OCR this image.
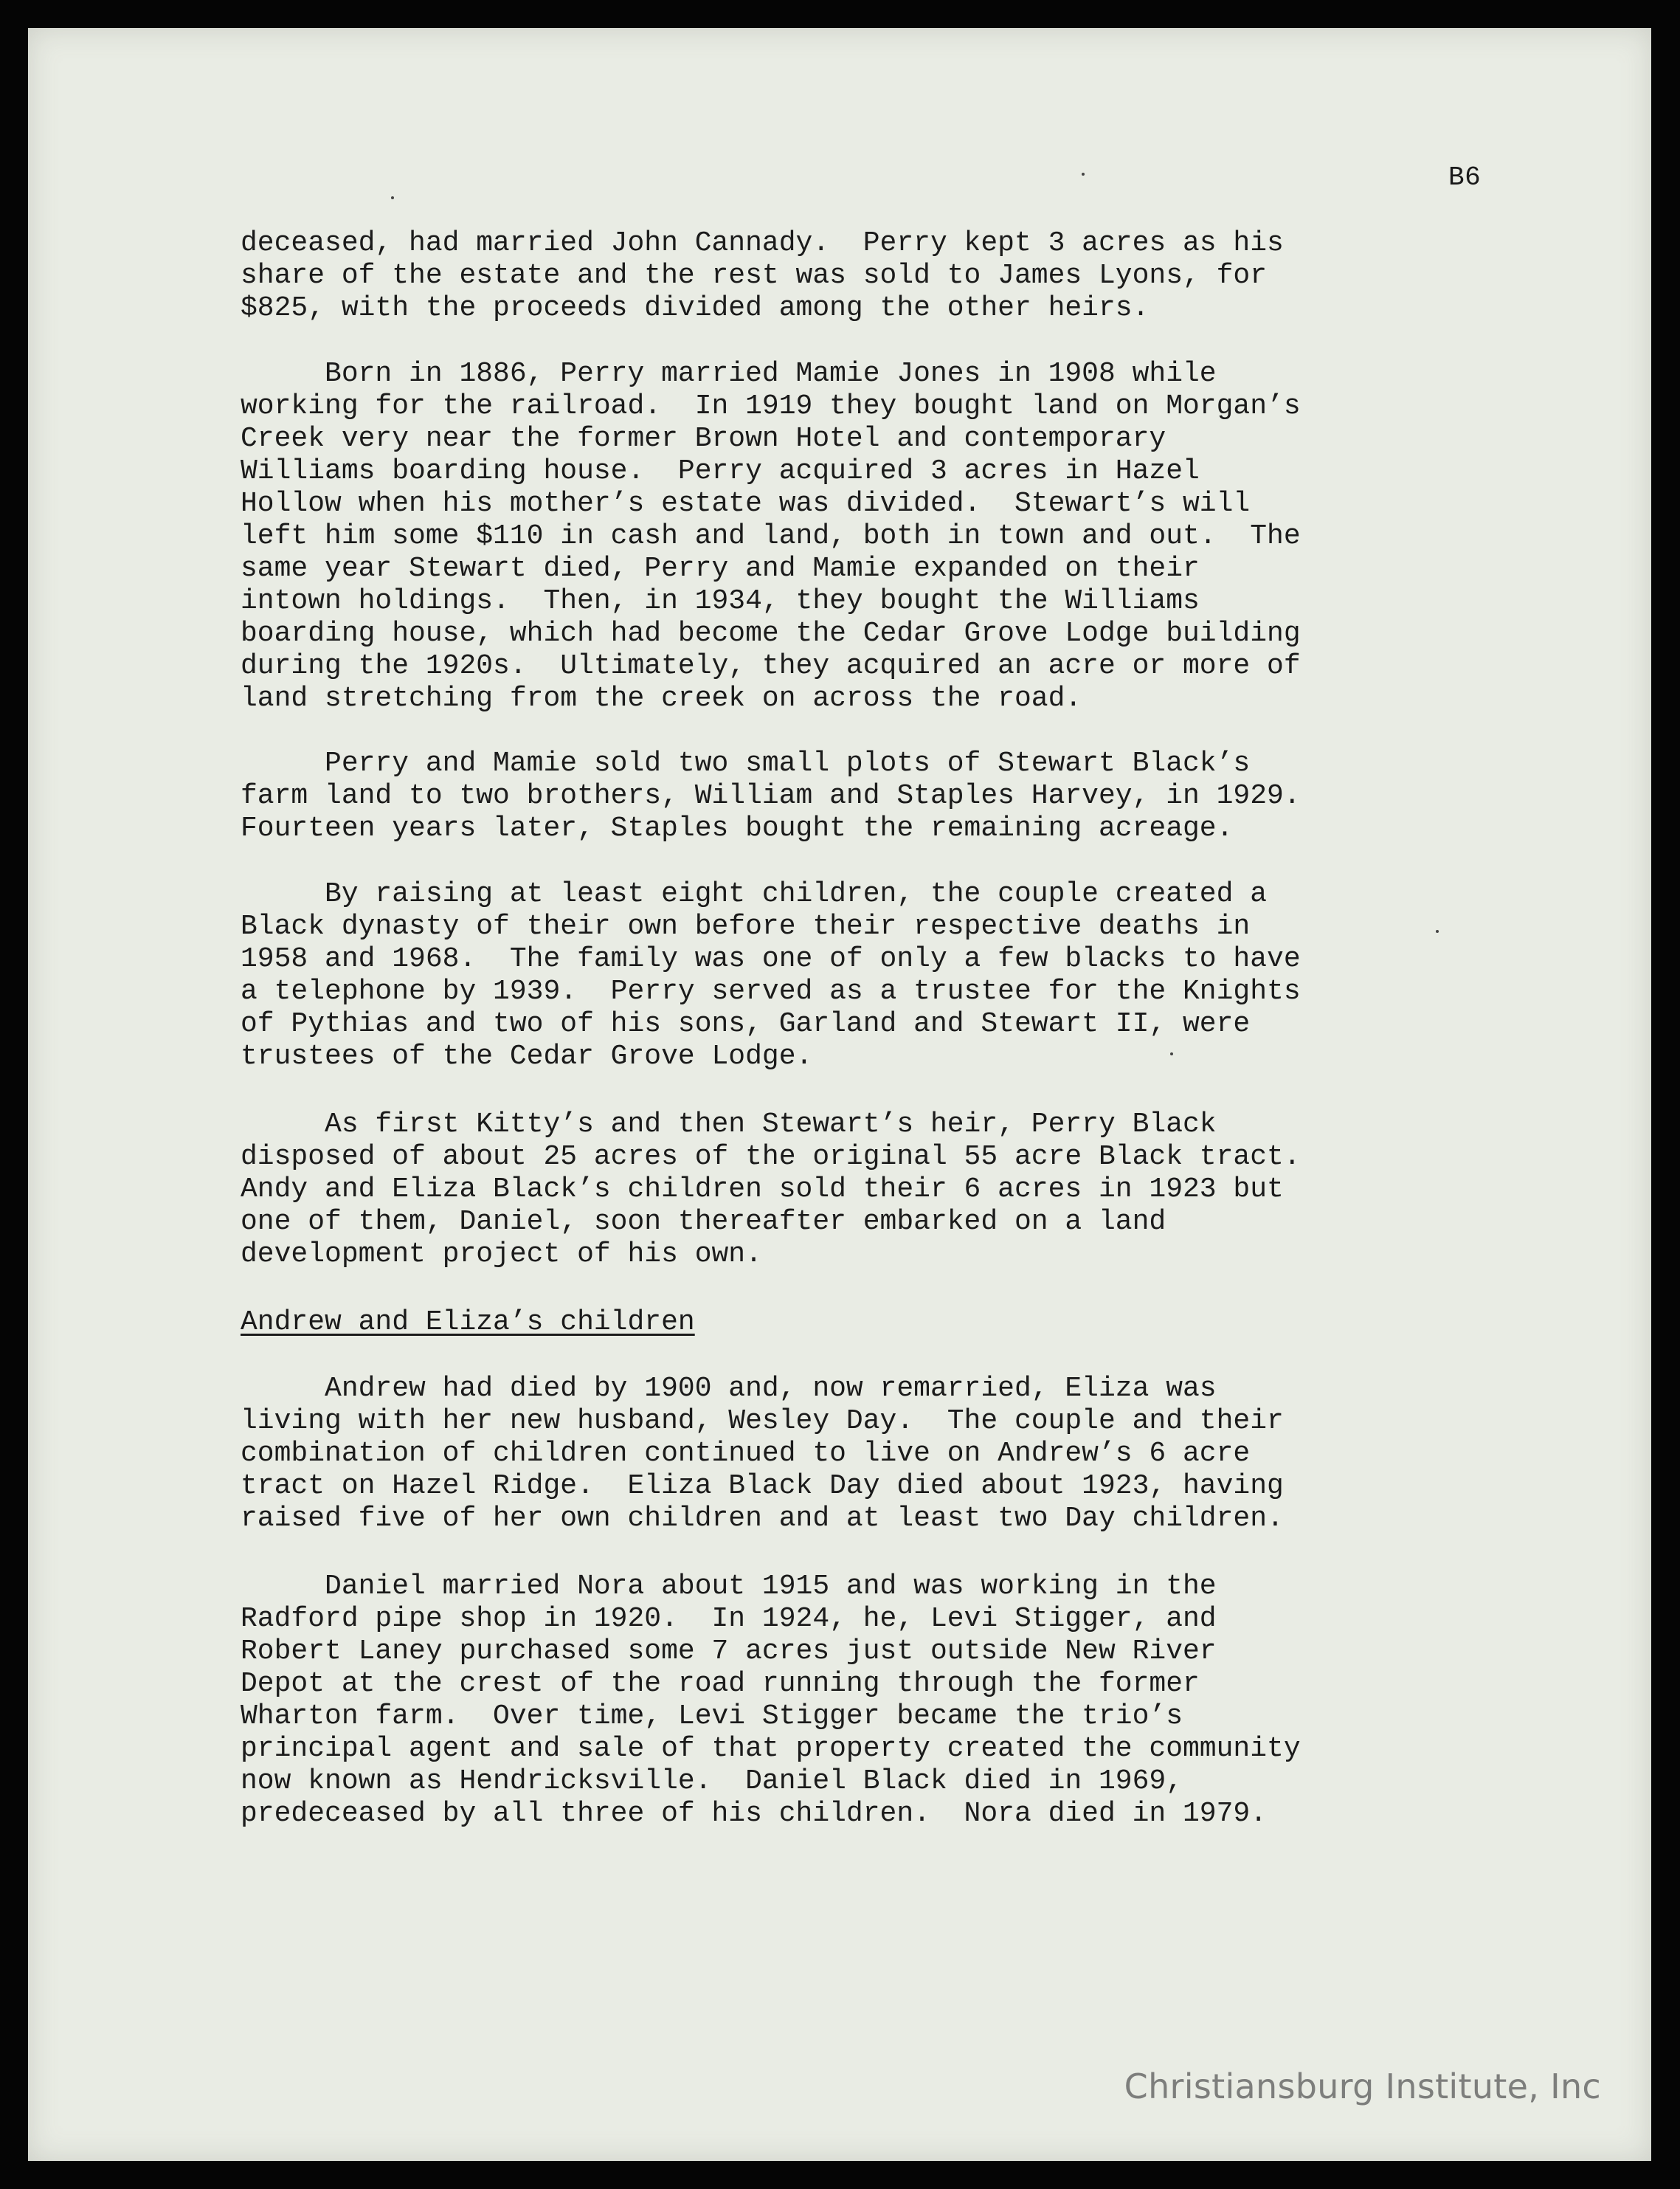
B6
deceased, had married John Cannady.  Perry kept 3 acres as his
share of the estate and the rest was sold to James Lyons, for
$825, with the proceeds divided among the other heirs.
Born in 1886, Perry married Mamie Jones in 1908 while
working for the railroad.  In 1919 they bought land on Morgan’s
Creek very near the former Brown Hotel and contemporary
Williams boarding house.  Perry acquired 3 acres in Hazel
Hollow when his mother’s estate was divided.  Stewart’s will
left him some $110 in cash and land, both in town and out.  The
same year Stewart died, Perry and Mamie expanded on their
intown holdings.  Then, in 1934, they bought the Williams
boarding house, which had become the Cedar Grove Lodge building
during the 1920s.  Ultimately, they acquired an acre or more of
land stretching from the creek on across the road.
Perry and Mamie sold two small plots of Stewart Black’s
farm land to two brothers, William and Staples Harvey, in 1929.
Fourteen years later, Staples bought the remaining acreage.
By raising at least eight children, the couple created a
Black dynasty of their own before their respective deaths in
1958 and 1968.  The family was one of only a few blacks to have
a telephone by 1939.  Perry served as a trustee for the Knights
of Pythias and two of his sons, Garland and Stewart II, were
trustees of the Cedar Grove Lodge.
As first Kitty’s and then Stewart’s heir, Perry Black
disposed of about 25 acres of the original 55 acre Black tract.
Andy and Eliza Black’s children sold their 6 acres in 1923 but
one of them, Daniel, soon thereafter embarked on a land
development project of his own.
Andrew and Eliza’s children
Andrew had died by 1900 and, now remarried, Eliza was
living with her new husband, Wesley Day.  The couple and their
combination of children continued to live on Andrew’s 6 acre
tract on Hazel Ridge.  Eliza Black Day died about 1923, having
raised five of her own children and at least two Day children.
Daniel married Nora about 1915 and was working in the
Radford pipe shop in 1920.  In 1924, he, Levi Stigger, and
Robert Laney purchased some 7 acres just outside New River
Depot at the crest of the road running through the former
Wharton farm.  Over time, Levi Stigger became the trio’s
principal agent and sale of that property created the community
now known as Hendricksville.  Daniel Black died in 1969,
predeceased by all three of his children.  Nora died in 1979.
Christiansburg Institute, Inc
